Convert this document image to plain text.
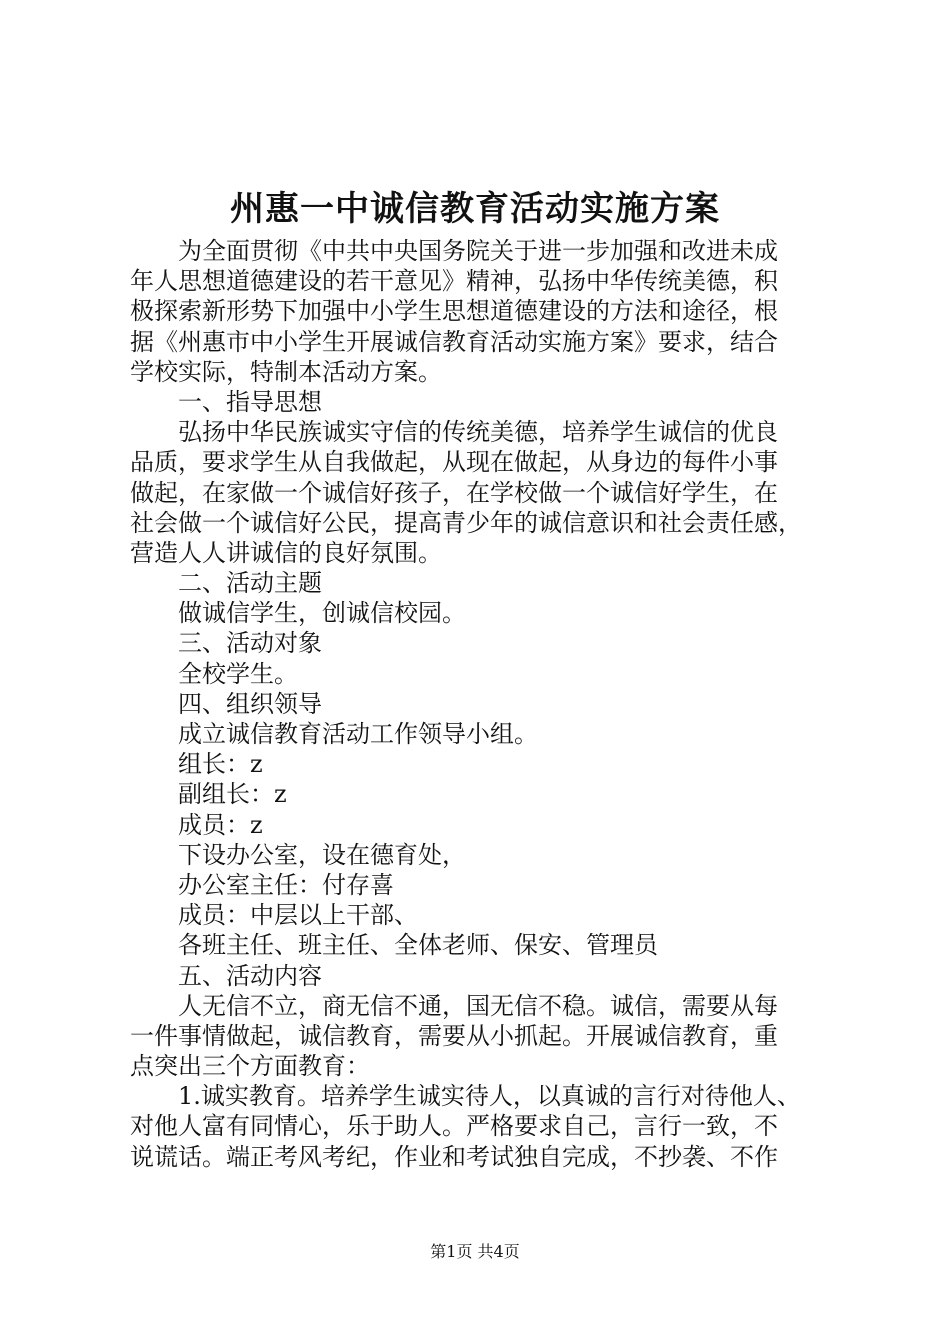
州惠一中诚信教育活动实施方案
为全面贯彻《中共中央国务院关于进一步加强和改进未成
年人思想道德建设的若干意见》精神，弘扬中华传统美德，积
极探索新形势下加强中小学生思想道德建设的方法和途径，根
据《州惠市中小学生开展诚信教育活动实施方案》要求，结合
学校实际，特制本活动方案。
一、指导思想
弘扬中华民族诚实守信的传统美德，培养学生诚信的优良
品质，要求学生从自我做起，从现在做起，从身边的每件小事
做起，在家做一个诚信好孩子，在学校做一个诚信好学生，在
社会做一个诚信好公民，提高青少年的诚信意识和社会责任感，
营造人人讲诚信的良好氛围。
二、活动主题
做诚信学生，创诚信校园。
三、活动对象
全校学生。
四、组织领导
成立诚信教育活动工作领导小组。
组长：z
副组长：z
成员：z
下设办公室，设在德育处，
办公室主任：付存喜
成员：中层以上干部、
各班主任、班主任、全体老师、保安、管理员
五、活动内容
人无信不立，商无信不通，国无信不稳。诚信，需要从每
一件事情做起，诚信教育，需要从小抓起。开展诚信教育，重
点突出三个方面教育：
1.诚实教育。培养学生诚实待人，以真诚的言行对待他人、
对他人富有同情心，乐于助人。严格要求自己，言行一致，不
说谎话。端正考风考纪，作业和考试独自完成，不抄袭、不作
第1页 共4页
